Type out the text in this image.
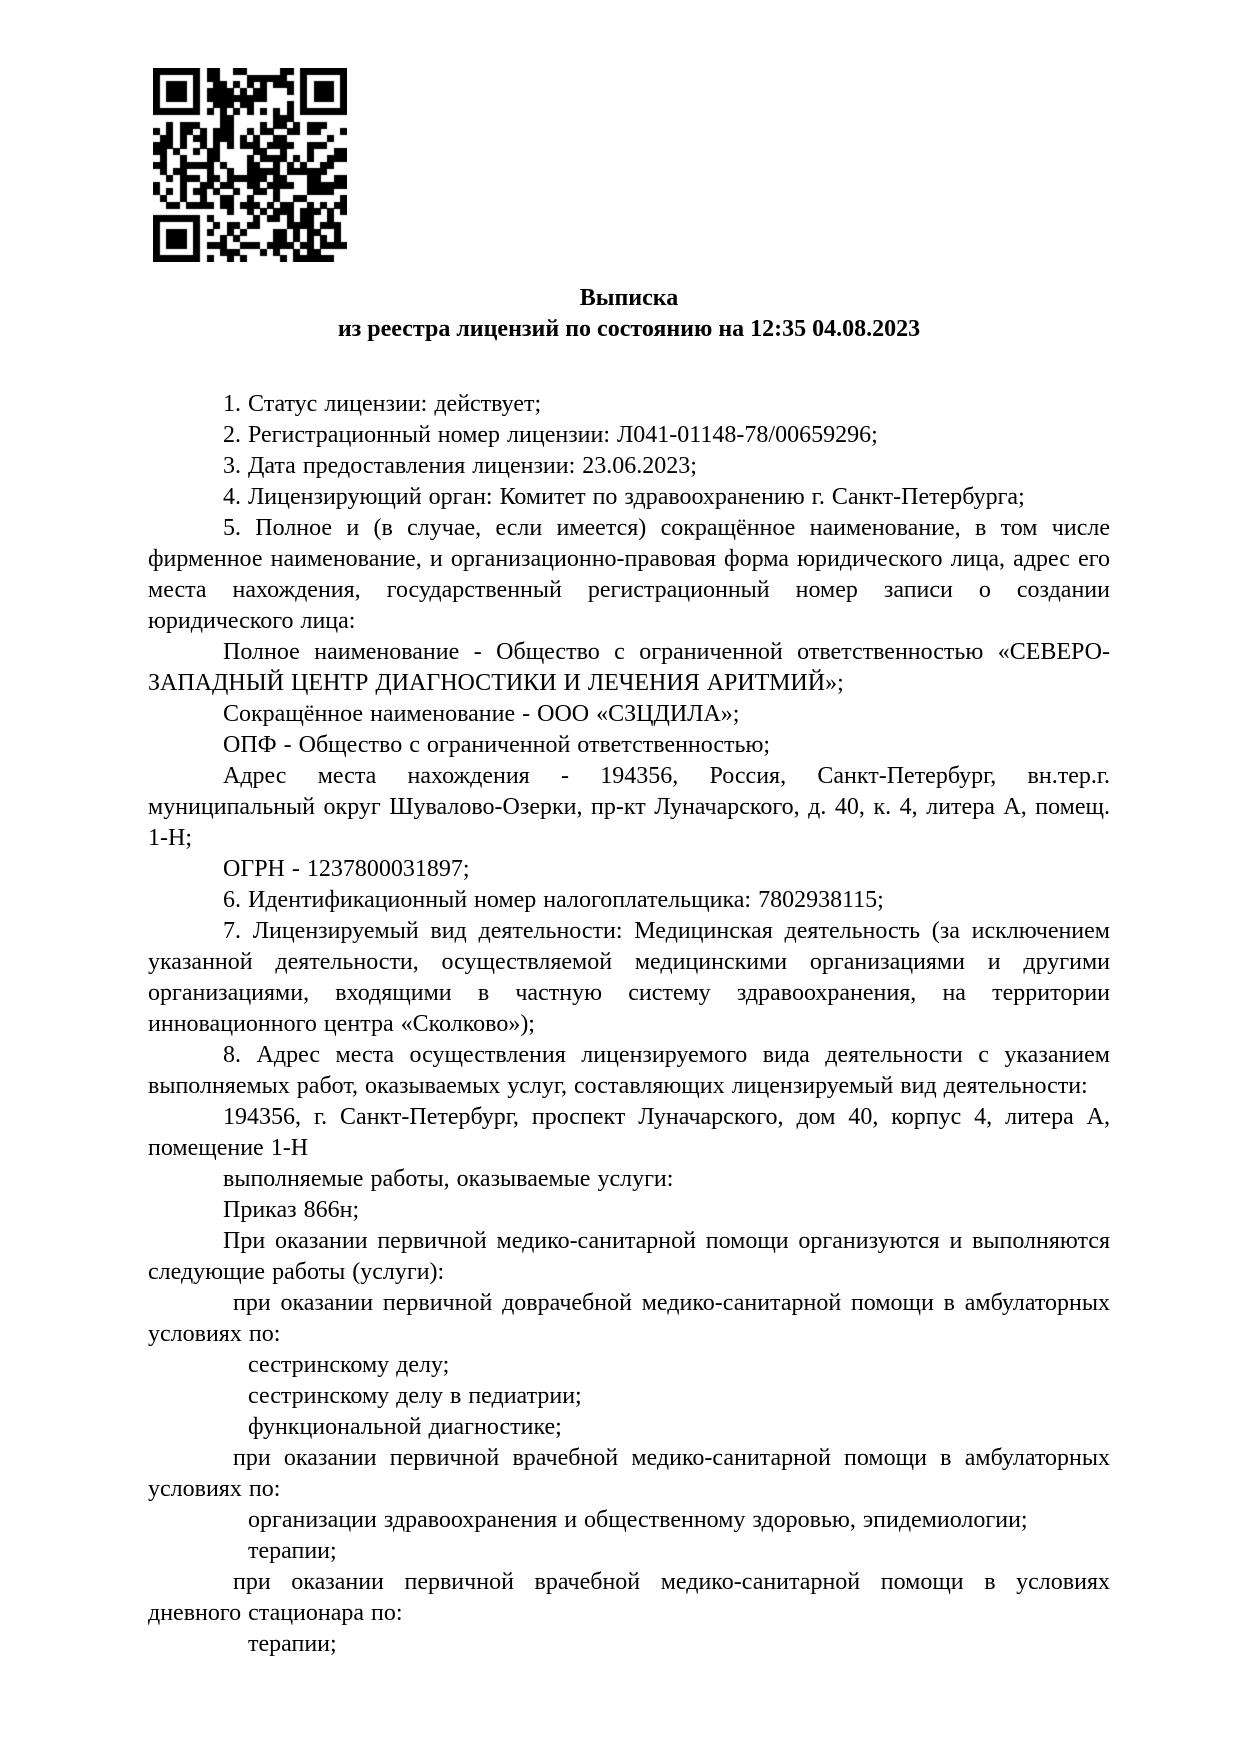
Выписка
из реестра лицензий по состоянию на 12:35 04.08.2023

1. Статус лицензии: действует;

2. Регистрационный номер лицензии: Л041-01148-78/00659296;

3. Дата предоставления лицензии: 23.06.2023;

4. Лицензирующий орган: Комитет по здравоохранению г. Санкт-Петербурга;

5. Полное и (в случае, если имеется) сокращённое наименование, в том числе фирменное наименование, и организационно-правовая форма юридического лица, адрес его места нахождения, государственный регистрационный номер записи о создании юридического лица:

Полное наименование - Общество с ограниченной ответственностью «СЕВЕРО-ЗАПАДНЫЙ ЦЕНТР ДИАГНОСТИКИ И ЛЕЧЕНИЯ АРИТМИЙ»;

Сокращённое наименование - ООО «СЗЦДИЛА»;

ОПФ - Общество с ограниченной ответственностью;

Адрес места нахождения - 194356, Россия, Санкт-Петербург, вн.тер.г. муниципальный округ Шувалово-Озерки, пр-кт Луначарского, д. 40, к. 4, литера А, помещ. 1-Н;

ОГРН - 1237800031897;

6. Идентификационный номер налогоплательщика: 7802938115;

7. Лицензируемый вид деятельности: Медицинская деятельность (за исключением указанной деятельности, осуществляемой медицинскими организациями и другими организациями, входящими в частную систему здравоохранения, на территории инновационного центра «Сколково»);

8. Адрес места осуществления лицензируемого вида деятельности с указанием выполняемых работ, оказываемых услуг, составляющих лицензируемый вид деятельности:

194356, г. Санкт-Петербург, проспект Луначарского, дом 40, корпус 4, литера А, помещение 1-Н

выполняемые работы, оказываемые услуги:

Приказ 866н;

При оказании первичной медико-санитарной помощи организуются и выполняются следующие работы (услуги):

при оказании первичной доврачебной медико-санитарной помощи в амбулаторных условиях по:

сестринскому делу;

сестринскому делу в педиатрии;

функциональной диагностике;

при оказании первичной врачебной медико-санитарной помощи в амбулаторных условиях по:

организации здравоохранения и общественному здоровью, эпидемиологии;

терапии;

при оказании первичной врачебной медико-санитарной помощи в условиях дневного стационара по:

терапии;
